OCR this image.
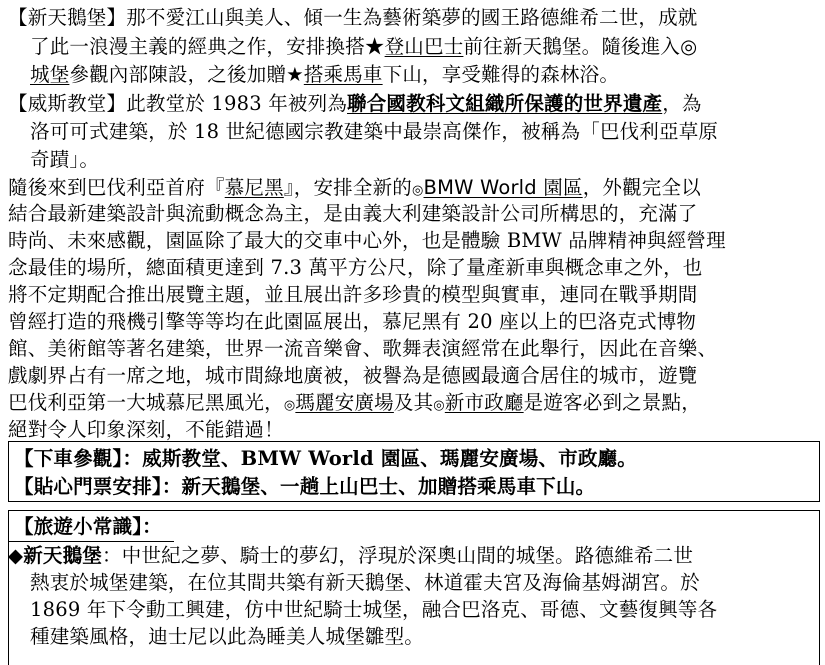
【新天鵝堡】那不愛江山與美人、傾一生為藝術築夢的國王路德維希二世，成就
了此一浪漫主義的經典之作，安排換搭★登山巴士前往新天鵝堡。隨後進入◎
城堡參觀內部陳設，之後加贈★搭乘馬車下山，享受難得的森林浴。
【威斯教堂】此教堂於 1983 年被列為聯合國教科文組織所保護的世界遺產，為
洛可可式建築，於 18 世紀德國宗教建築中最崇高傑作，被稱為「巴伐利亞草原
奇蹟」。
隨後來到巴伐利亞首府『慕尼黑』，安排全新的◎BMW World 園區，外觀完全以
結合最新建築設計與流動概念為主，是由義大利建築設計公司所構思的，充滿了
時尚、未來感觀，園區除了最大的交車中心外，也是體驗 BMW 品牌精神與經營理
念最佳的場所，總面積更達到 7.3 萬平方公尺，除了量產新車與概念車之外，也
將不定期配合推出展覽主題，並且展出許多珍貴的模型與實車，連同在戰爭期間
曾經打造的飛機引擎等等均在此園區展出，慕尼黑有 20 座以上的巴洛克式博物
館、美術館等著名建築，世界一流音樂會、歌舞表演經常在此舉行，因此在音樂、
戲劇界占有一席之地，城市間綠地廣被，被譽為是德國最適合居住的城市，遊覽
巴伐利亞第一大城慕尼黑風光，◎瑪麗安廣場及其◎新市政廳是遊客必到之景點，
絕對令人印象深刻，不能錯過！
【下車參觀】：威斯教堂、BMW World 園區、瑪麗安廣場、市政廳。
【貼心門票安排】：新天鵝堡、一趟上山巴士、加贈搭乘馬車下山。
【旅遊小常識】：
◆新天鵝堡：中世紀之夢、騎士的夢幻，浮現於深奧山間的城堡。路德維希二世
熱衷於城堡建築，在位其間共築有新天鵝堡、林道霍夫宮及海倫基姆湖宮。於
1869 年下令動工興建，仿中世紀騎士城堡，融合巴洛克、哥德、文藝復興等各
種建築風格，迪士尼以此為睡美人城堡雛型。
